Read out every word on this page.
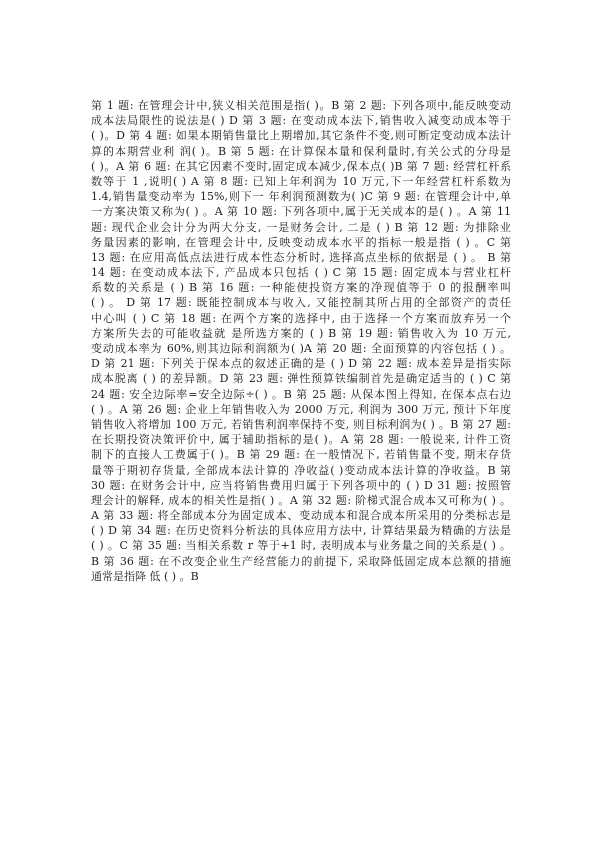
第 1 题: 在管理会计中,狭义相关范围是指( )。B 第 2 题: 下列各项中,能反映变动
成本法局限性的说法是( ) D 第 3 题: 在变动成本法下,销售收入减变动成本等于
( )。D 第 4 题: 如果本期销售量比上期增加,其它条件不变,则可断定变动成本法计
算的本期营业利 润( )。B 第 5 题: 在计算保本量和保利量时,有关公式的分母是
( )。A 第 6 题: 在其它因素不变时,固定成本减少,保本点( )B 第 7 题: 经营杠杆系
数等于 1 ,说明( ) A 第 8 题: 已知上年利润为 10 万元,下一年经营杠杆系数为
1.4,销售量变动率为 15%,则下一 年利润预测数为( )C 第 9 题: 在管理会计中,单
一方案决策又称为( ) 。A 第 10 题: 下列各项中,属于无关成本的是( ) 。A 第 11
题: 现代企业会计分为两大分支, 一是财务会计, 二是 ( ) B 第 12 题: 为排除业
务量因素的影响, 在管理会计中, 反映变动成本水平的指标一般是指 ( ) 。C 第
13 题: 在应用高低点法进行成本性态分析时, 选择高点坐标的依据是 ( ) 。 B 第
14 题: 在变动成本法下, 产品成本只包括 ( ) C 第 15 题: 固定成本与营业杠杆
系数的关系是 ( ) B 第 16 题: 一种能使投资方案的净现值等于 0 的报酬率叫
( ) 。 D 第 17 题: 既能控制成本与收入, 又能控制其所占用的全部资产的责任
中心叫 ( ) C 第 18 题: 在两个方案的选择中, 由于选择一个方案而放弃另一个
方案所失去的可能收益就 是所选方案的 ( ) B 第 19 题: 销售收入为 10 万元,
变动成本率为 60%,则其边际利润额为( )A 第 20 题: 全面预算的内容包括 ( ) 。
D 第 21 题: 下列关于保本点的叙述正确的是 ( ) D 第 22 题: 成本差异是指实际
成本脱离 ( ) 的差异额。D 第 23 题: 弹性预算铁编制首先是确定适当的 ( ) C 第
24 题: 安全边际率=安全边际÷( ) 。B 第 25 题: 从保本图上得知, 在保本点右边
( ) 。A 第 26 题: 企业上年销售收入为 2000 万元, 利润为 300 万元, 预计下年度
销售收入将增加 100 万元, 若销售利润率保持不变, 则目标利润为( ) 。B 第 27 题:
在长期投资决策评价中, 属于辅助指标的是( )。A 第 28 题: 一般说来, 计件工资
制下的直接人工费属于( )。B 第 29 题: 在一般情况下, 若销售量不变, 期末存货
量等于期初存货量, 全部成本法计算的 净收益( )变动成本法计算的净收益。B 第
30 题: 在财务会计中, 应当将销售费用归属于下列各项中的 ( ) D 31 题: 按照管
理会计的解释, 成本的相关性是指( ) 。A 第 32 题: 阶梯式混合成本又可称为( ) 。
A 第 33 题: 将全部成本分为固定成本、变动成本和混合成本所采用的分类标志是
( ) D 第 34 题: 在历史资料分析法的具体应用方法中, 计算结果最为精确的方法是
( ) 。C 第 35 题: 当相关系数 r 等于+1 时, 表明成本与业务量之间的关系是( ) 。
B 第 36 题: 在不改变企业生产经营能力的前提下, 采取降低固定成本总额的措施
通常是指降 低 ( ) 。B
